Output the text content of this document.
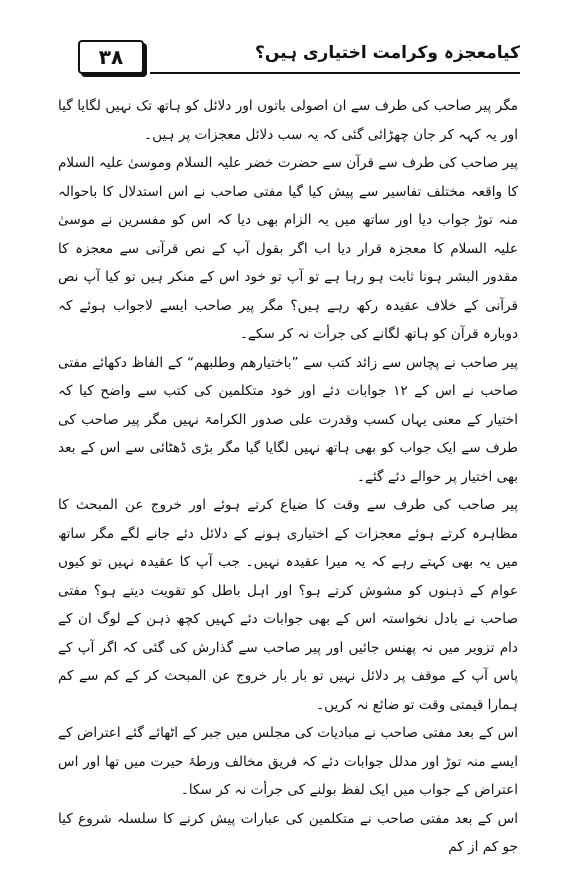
۳۸	کیامعجزہ وکرامت اختیاری ہیں؟

مگر پیر صاحب کی طرف سے ان اصولی باتوں اور دلائل کو ہاتھ تک نہیں لگایا گیا اور یہ کہہ کر جان چھڑائی گئی کہ یہ سب دلائل معجزات پر ہیں۔

پیر صاحب کی طرف سے قرآن سے حضرت خضر علیہ السلام وموسیٰ علیہ السلام کا واقعہ مختلف تفاسیر سے پیش کیا گیا مفتی صاحب نے اس استدلال کا باحوالہ منہ توڑ جواب دیا اور ساتھ میں یہ الزام بھی دیا کہ اس کو مفسرین نے موسیٰ علیہ السلام کا معجزہ قرار دیا اب اگر بقول آپ کے نص قرآنی سے معجزہ کا مقدور البشر ہونا ثابت ہو رہا ہے تو آپ تو خود اس کے منکر ہیں تو کیا آپ نص قرآنی کے خلاف عقیدہ رکھ رہے ہیں؟ مگر پیر صاحب ایسے لاجواب ہوئے کہ دوبارہ قرآن کو ہاتھ لگانے کی جرأت نہ کر سکے۔

پیر صاحب نے پچاس سے زائد کتب سے ”باختیارھم وطلبھم“ کے الفاظ دکھائے مفتی صاحب نے اس کے ۱۲ جوابات دئے اور خود متکلمین کی کتب سے واضح کیا کہ اختیار کے معنی یہاں کسب وقدرت علی صدور الکرامۃ نہیں مگر پیر صاحب کی طرف سے ایک جواب کو بھی ہاتھ نہیں لگایا گیا مگر بڑی ڈھٹائی سے اس کے بعد بھی اختیار پر حوالے دئے گئے۔

پیر صاحب کی طرف سے وقت کا ضیاع کرتے ہوئے اور خروج عن المبحث کا مظاہرہ کرتے ہوئے معجزات کے اختیاری ہونے کے دلائل دئے جانے لگے مگر ساتھ میں یہ بھی کہتے رہے کہ یہ میرا عقیدہ نہیں۔ جب آپ کا عقیدہ نہیں تو کیوں عوام کے ذہنوں کو مشوش کرتے ہو؟ اور اہل باطل کو تقویت دیتے ہو؟ مفتی صاحب نے بادل نخواستہ اس کے بھی جوابات دئے کہیں کچھ ذہن کے لوگ ان کے دام تزویر میں نہ پھنس جائیں اور پیر صاحب سے گذارش کی گئی کہ اگر آپ کے پاس آپ کے موقف پر دلائل نہیں تو بار بار خروج عن المبحث کر کے کم سے کم ہمارا قیمتی وقت تو ضائع نہ کریں۔

اس کے بعد مفتی صاحب نے مبادیات کی مجلس میں جبر کے اٹھائے گئے اعتراض کے ایسے منہ توڑ اور مدلل جوابات دئے کہ فریق مخالف ورطۂ حیرت میں تھا اور اس اعتراض کے جواب میں ایک لفظ بولنے کی جرأت نہ کر سکا۔

اس کے بعد مفتی صاحب نے متکلمین کی عبارات پیش کرنے کا سلسلہ شروع کیا جو کم از کم
